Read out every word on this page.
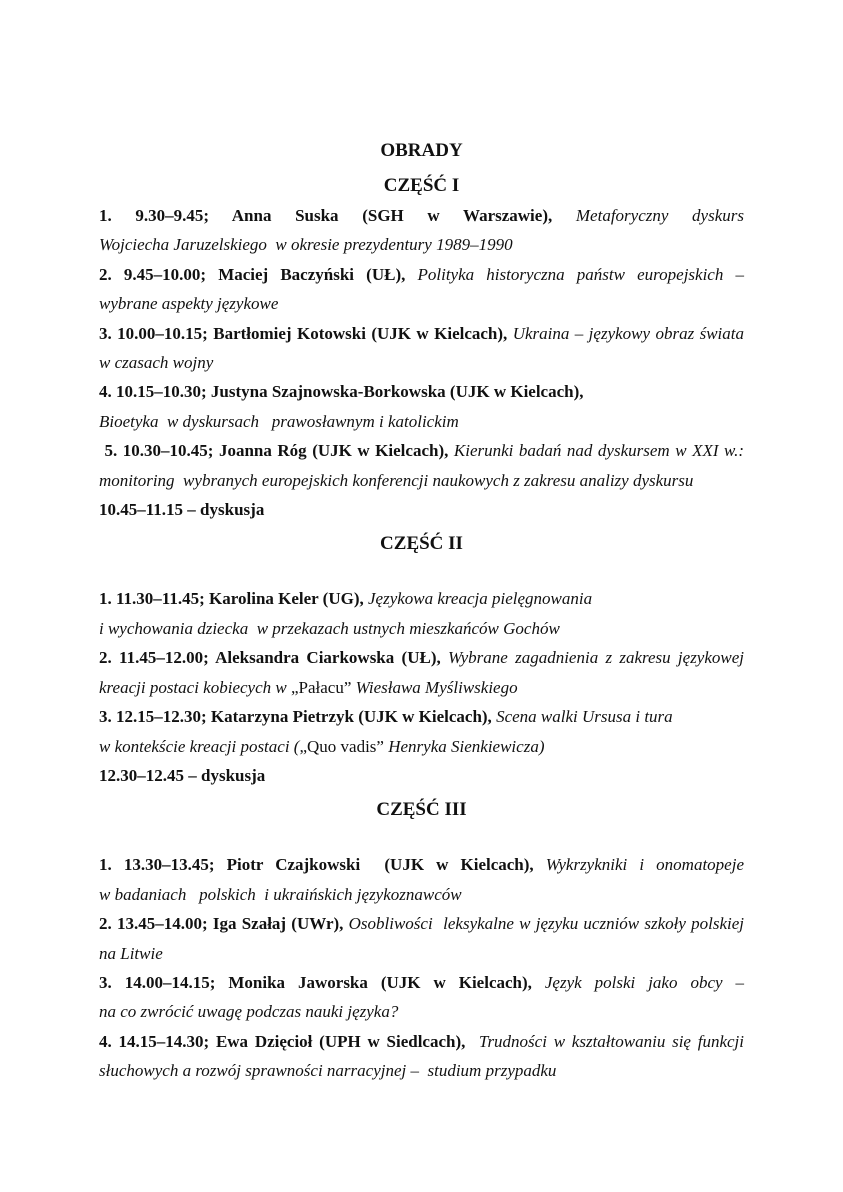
OBRADY
CZĘŚĆ I
1. 9.30–9.45; Anna Suska (SGH w Warszawie), Metaforyczny dyskurs
Wojciecha Jaruzelskiego  w okresie prezydentury 1989–1990
2. 9.45–10.00; Maciej Baczyński (UŁ), Polityka historyczna państw europejskich –
wybrane aspekty językowe
3. 10.00–10.15; Bartłomiej Kotowski (UJK w Kielcach), Ukraina – językowy obraz świata
w czasach wojny
4. 10.15–10.30; Justyna Szajnowska-Borkowska (UJK w Kielcach),
Bioetyka  w dyskursach   prawosławnym i katolickim
5. 10.30–10.45; Joanna Róg (UJK w Kielcach), Kierunki badań nad dyskursem w XXI w.:
monitoring  wybranych europejskich konferencji naukowych z zakresu analizy dyskursu
10.45–11.15 – dyskusja
CZĘŚĆ II
1. 11.30–11.45; Karolina Keler (UG), Językowa kreacja pielęgnowania
i wychowania dziecka  w przekazach ustnych mieszkańców Gochów
2. 11.45–12.00; Aleksandra Ciarkowska (UŁ), Wybrane zagadnienia z zakresu językowej
kreacji postaci kobiecych w „Pałacu” Wiesława Myśliwskiego
3. 12.15–12.30; Katarzyna Pietrzyk (UJK w Kielcach), Scena walki Ursusa i tura
w kontekście kreacji postaci („Quo vadis” Henryka Sienkiewicza)
12.30–12.45 – dyskusja
CZĘŚĆ III
1. 13.30–13.45; Piotr Czajkowski  (UJK w Kielcach), Wykrzykniki i onomatopeje
w badaniach   polskich  i ukraińskich językoznawców
2. 13.45–14.00; Iga Szałaj (UWr), Osobliwości  leksykalne w języku uczniów szkoły polskiej
na Litwie
3. 14.00–14.15; Monika Jaworska (UJK w Kielcach), Język polski jako obcy –
na co zwrócić uwagę podczas nauki języka?
4. 14.15–14.30; Ewa Dzięcioł (UPH w Siedlcach),  Trudności w kształtowaniu się funkcji
słuchowych a rozwój sprawności narracyjnej –  studium przypadku
